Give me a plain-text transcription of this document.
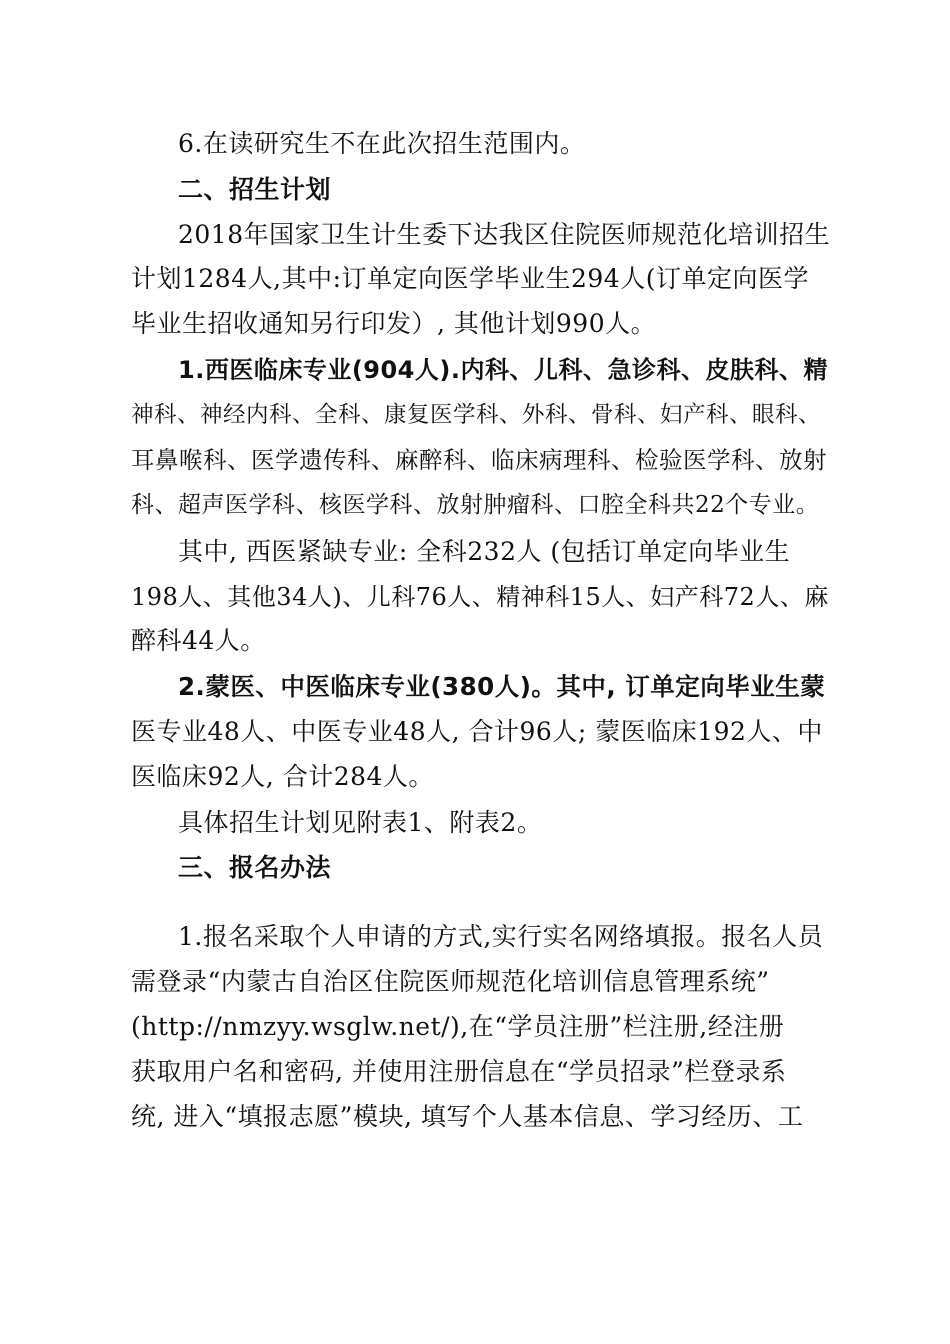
6.在读研究生不在此次招生范围内。
二、招生计划
2018年国家卫生计生委下达我区住院医师规范化培训招生
计划1284人,其中:订单定向医学毕业生294人(订单定向医学
毕业生招收通知另行印发）, 其他计划990人。
1.西医临床专业(904人).内科、儿科、急诊科、皮肤科、精
神科、神经内科、全科、康复医学科、外科、骨科、妇产科、眼科、
耳鼻喉科、医学遗传科、麻醉科、临床病理科、检验医学科、放射
科、超声医学科、核医学科、放射肿瘤科、口腔全科共22个专业。
其中, 西医紧缺专业: 全科232人 (包括订单定向毕业生
198人、其他34人)、儿科76人、精神科15人、妇产科72人、麻
醉科44人。
2.蒙医、中医临床专业(380人)。其中, 订单定向毕业生蒙
医专业48人、中医专业48人, 合计96人; 蒙医临床192人、中
医临床92人, 合计284人。
具体招生计划见附表1、附表2。
三、报名办法
1.报名采取个人申请的方式,实行实名网络填报。报名人员
需登录“内蒙古自治区住院医师规范化培训信息管理系统”
(http://nmzyy.wsglw.net/),在“学员注册”栏注册,经注册
获取用户名和密码, 并使用注册信息在“学员招录”栏登录系
统, 进入“填报志愿”模块, 填写个人基本信息、学习经历、工
